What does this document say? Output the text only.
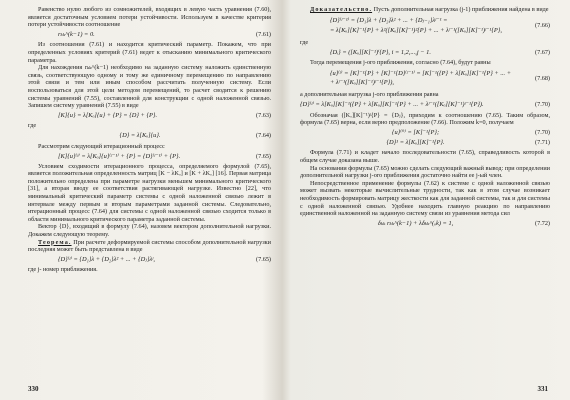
Равенство нулю любого из сомножителей, входящих в левую часть уравнения (7.60), является достаточным условием потери устойчивости. Используем в качестве критерия потери устойчивости соотношение

rₖₖ^(k−1) = 0.	(7.61)

Из соотношения (7.61) и находится критический параметр. Покажем, что при определенных условиях критерий (7.61) ведет к отысканию минимального критического параметра.

Для нахождения rₖₖ^(k−1) необходимо на заданную систему наложить единственную связь, соответствующую одному и тому же единичному перемещению по направлению этой связи и тем или иным способом рассчитать полученную систему. Если воспользоваться для этой цели методом перемещений, то расчет сводится к решению системы уравнений (7.55), составленной для конструкции с одной наложенной связью. Запишем систему уравнений (7.55) в виде

[K]{u} = λ[Kₒ]{u} + {P} = {D} + {P}.	(7.63)

где

{D} = λ[Kₒ]{u}.	(7.64)

Рассмотрим следующий итерационный процесс

[K]{u}⁽ʲ⁾ = λ[Kₒ]{u}⁽ʲ⁻¹⁾ + {P} = {D}⁽ʲ⁻¹⁾ + {P}.	(7.65)

Условием сходимости итерационного процесса, определяемого формулой (7.65), является положительная определенность матриц [K − λKₒ] и [K + λKₒ] [16]. Первая матрица положительно определена при параметре нагрузки меньшем минимального критического [31], а вторая вводу ее соответствия растягивающей нагрузке. Известно [22], что минимальный критический параметр системы с одной наложенной связью лежит в интервале между первым и вторым параметрами заданной системы. Следовательно, итерационный процесс (7.64) для системы с одной наложенной связью сходится только в области минимального критического параметра заданной системы.

Вектор {D}, входящий в формулу (7.64), назовем вектором дополнительной нагрузки. Докажем следующую теорему.

Теорема. При расчете деформируемой системы способом дополнительной нагрузки последняя может быть представлена в виде

{D}⁽ʲ⁾ = {D₁}λ + {D₂}λ² + ... + {Dⱼ}λʲ,	(7.65)

где j- номер приближения.

330

Доказательство. Пусть дополнительная нагрузка (j-1) приближения найдена в виде

{D}⁽ʲ⁻¹⁾ = {D₁}λ + {D₂}λ² + ... + {Dⱼ₋₁}λʲ⁻¹ =
= λ[Kₒ][K]⁻¹{P} + λ²([Kₒ][K]⁻¹)²{P} + ... + λʲ⁻¹([Kₒ][K]⁻¹)ʲ⁻¹{P},
(7.66)

где

{Dᵢ} = ([Kₒ][K]⁻¹)ⁱ{P}, i = 1,2,...,j − 1.	(7.67)

Тогда перемещения j-ого приближения, согласно (7.64), будут равны

{u}⁽ʲ⁾ = [K]⁻¹{P} + [K]⁻¹{D}⁽ʲ⁻¹⁾ = [K]⁻¹({P} + λ[Kₒ][K]⁻¹{P} + ... +
+ λʲ⁻¹([Kₒ][K]⁻¹)ʲ⁻¹{P}),
(7.68)

а дополнительная нагрузка j-ого приближения равна

{D}⁽ʲ⁾ = λ[Kₒ][K]⁻¹({P} + λ[Kₒ][K]⁻¹{P} + ... + λʲ⁻¹([Kₒ][K]⁻¹)ʲ⁻¹{P}).	(7.70)

Обозначая ([Kₒ][K]⁻¹)ʲ{P} = {Dⱼ}, приходим к соотношению (7.65). Таким образом, формула (7.65) верна, если верно предположение (7.66). Положим k=0, получаем

{u}⁽⁰⁾ = [K]⁻¹{P};	(7.70)
{D}¹ = λ[Kₒ][K]⁻¹{P}.	(7.71)

Формула (7.71) и кладет начало последовательности (7.65), справедливость которой в общем случае доказана выше.

На основании формулы (7.65) можно сделать следующий важный вывод: при определении дополнительной нагрузки j-ого приближения достаточно найти ее j-ый член.

Непосредственное применение формулы (7.62) к системе с одной наложенной связью может вызвать некоторые вычислительные трудности, так как в этом случае возникает необходимость формировать матрицу жесткости как для заданной системы, так и для системы с одной наложенной связью. Удобнее находить главную реакцию по направлению единственной наложенной на заданную систему связи из уравнения метода сил

δₖₖ rₖₖ^(k−1) + λδₖₖ^(ₒk) = 1,	(7.72)
331
